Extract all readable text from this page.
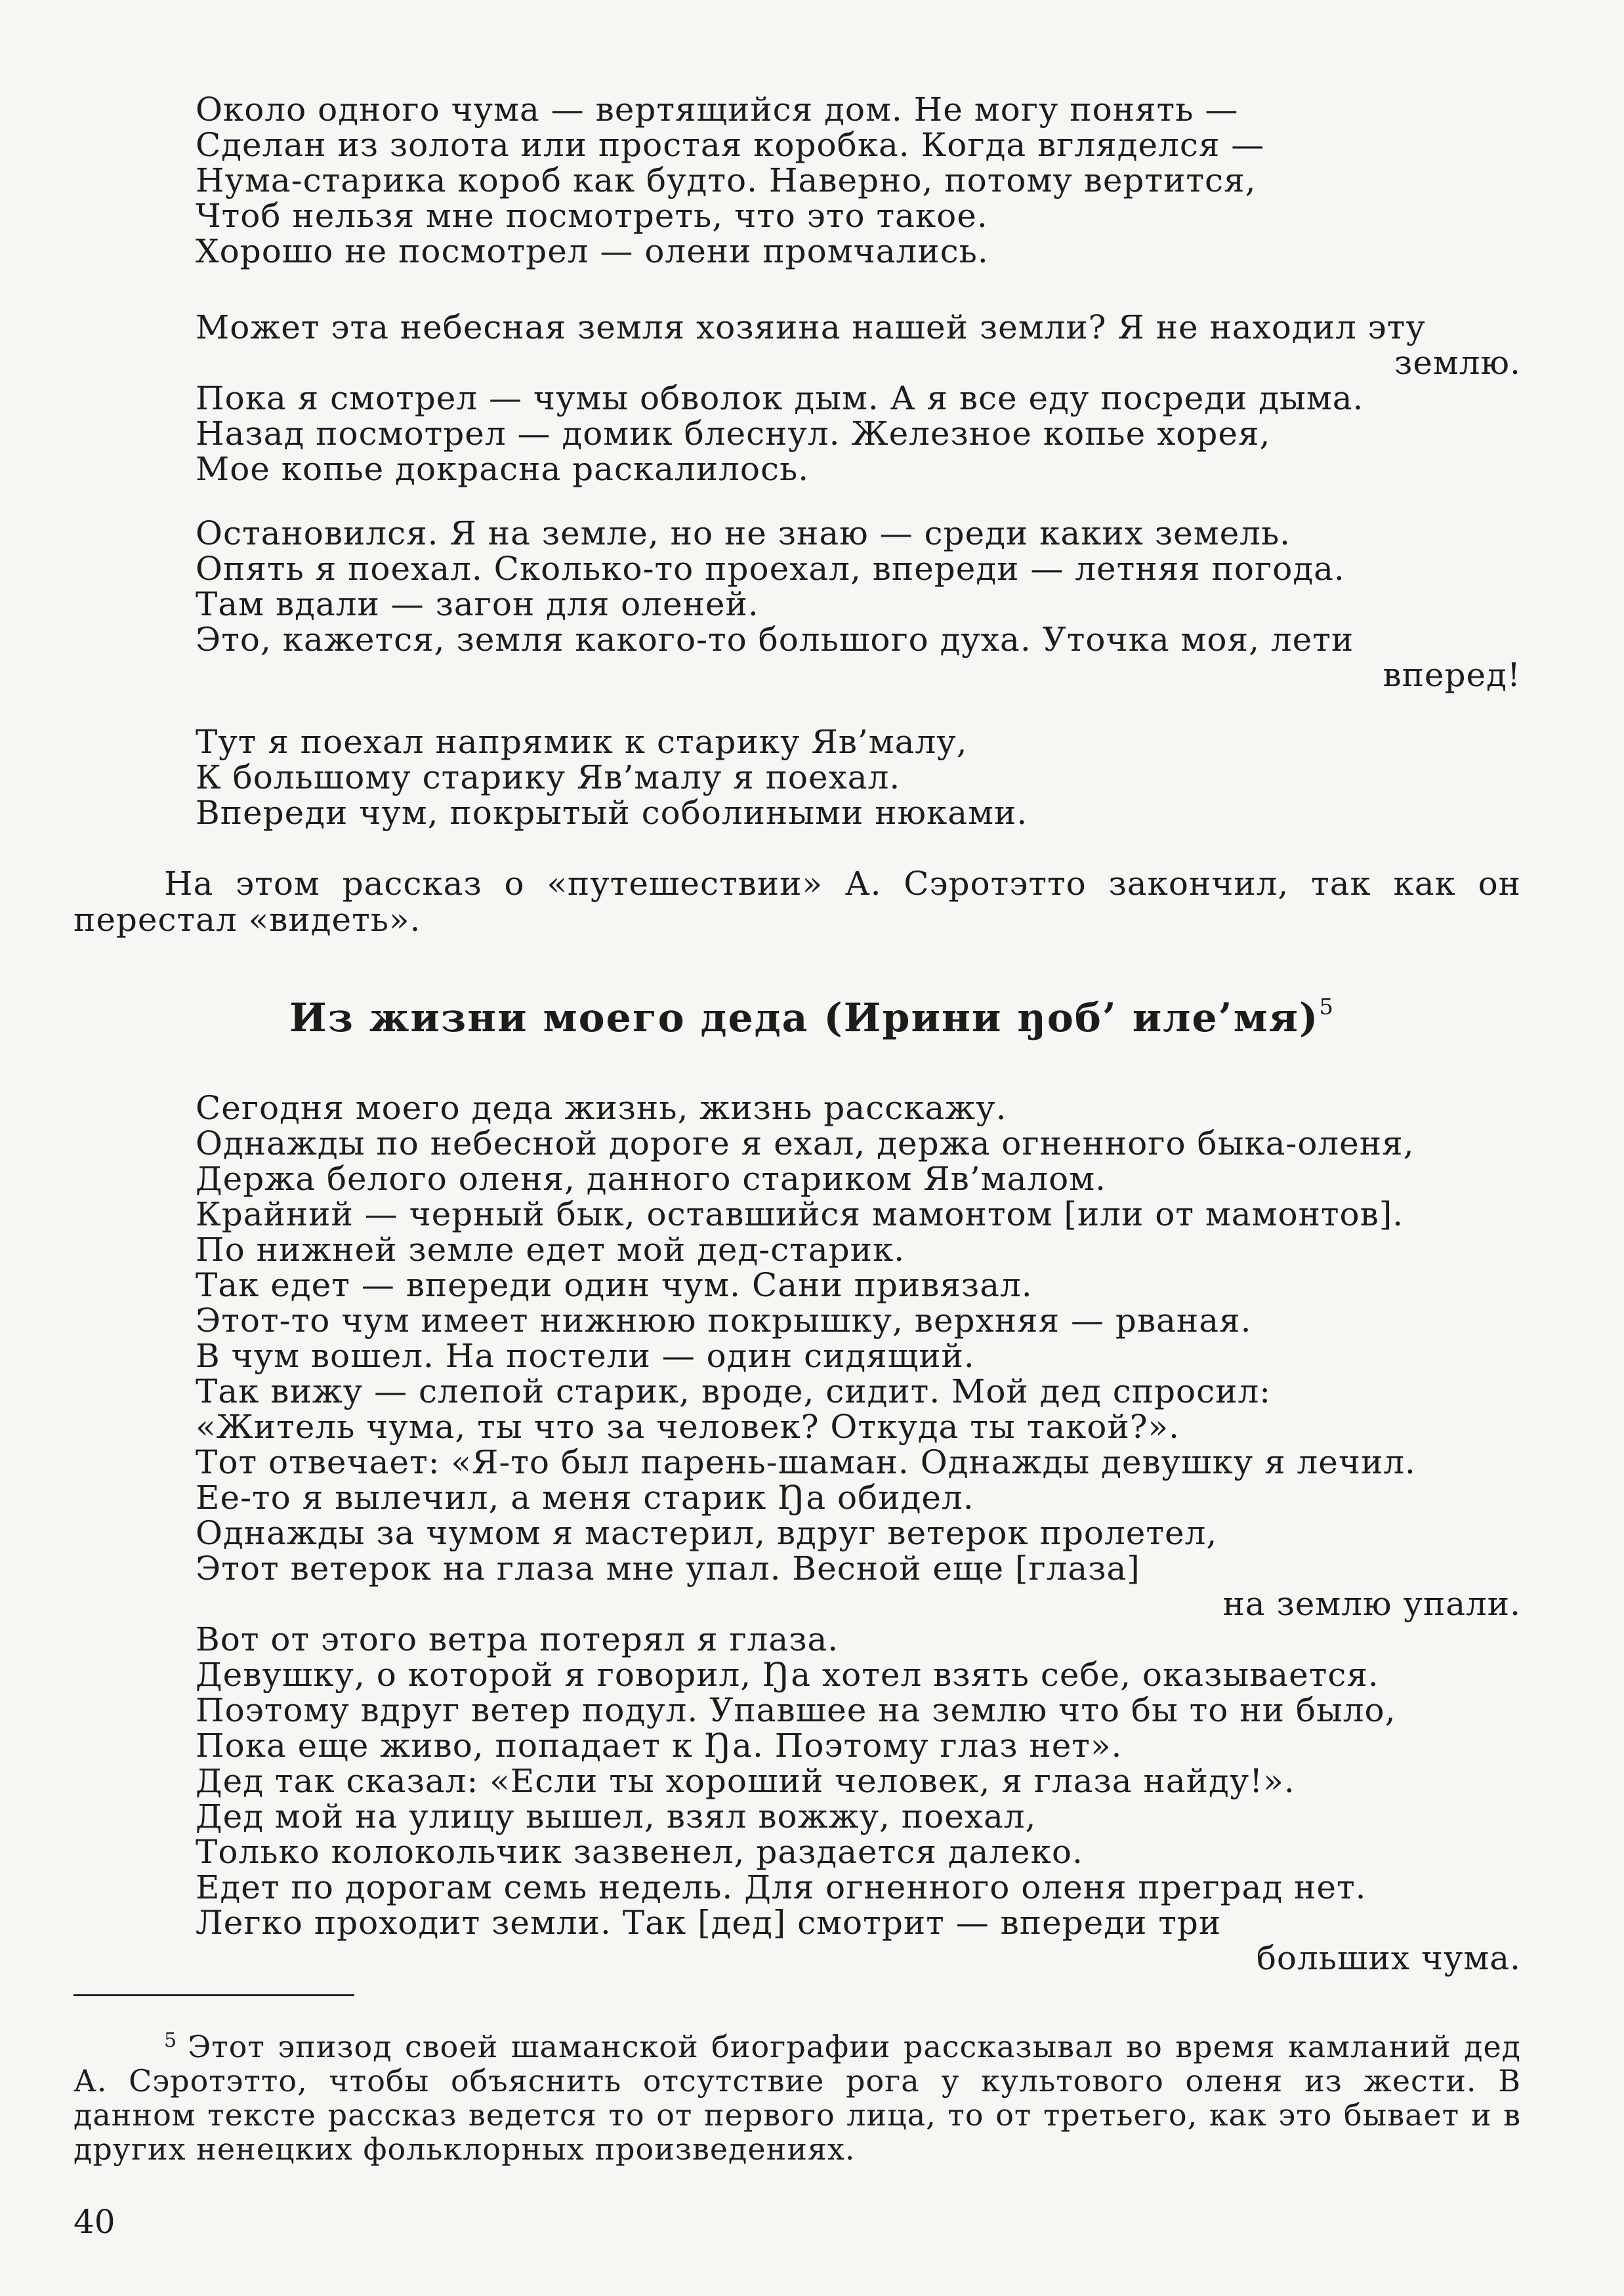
Около одного чума — вертящийся дом. Не могу понять —
Сделан из золота или простая коробка. Когда вгляделся —
Нума-старика короб как будто. Наверно, потому вертится,
Чтоб нельзя мне посмотреть, что это такое.
Хорошо не посмотрел — олени промчались.
Может эта небесная земля хозяина нашей земли? Я не находил эту
землю.
Пока я смотрел — чумы обволок дым. А я все еду посреди дыма.
Назад посмотрел — домик блеснул. Железное копье хорея,
Мое копье докрасна раскалилось.
Остановился. Я на земле, но не знаю — среди каких земель.
Опять я поехал. Сколько-то проехал, впереди — летняя погода.
Там вдали — загон для оленей.
Это, кажется, земля какого-то большого духа. Уточка моя, лети
вперед!
Тут я поехал напрямик к старику Яв’малу,
К большому старику Яв’малу я поехал.
Впереди чум, покрытый соболиными нюками.
На этом рассказ о «путешествии» А. Сэротэтто закончил, так как он перестал «видеть».
Из жизни моего деда (Ирини ŋоб’ иле’мя)$^5$
Сегодня моего деда жизнь, жизнь расскажу.
Однажды по небесной дороге я ехал, держа огненного быка-оленя,
Держа белого оленя, данного стариком Яв’малом.
Крайний — черный бык, оставшийся мамонтом [или от мамонтов].
По нижней земле едет мой дед-старик.
Так едет — впереди один чум. Сани привязал.
Этот-то чум имеет нижнюю покрышку, верхняя — рваная.
В чум вошел. На постели — один сидящий.
Так вижу — слепой старик, вроде, сидит. Мой дед спросил:
«Житель чума, ты что за человек? Откуда ты такой?».
Тот отвечает: «Я-то был парень-шаман. Однажды девушку я лечил.
Ее-то я вылечил, а меня старик Ŋа обидел.
Однажды за чумом я мастерил, вдруг ветерок пролетел,
Этот ветерок на глаза мне упал. Весной еще [глаза]
на землю упали.
Вот от этого ветра потерял я глаза.
Девушку, о которой я говорил, Ŋа хотел взять себе, оказывается.
Поэтому вдруг ветер подул. Упавшее на землю что бы то ни было,
Пока еще живо, попадает к Ŋа. Поэтому глаз нет».
Дед так сказал: «Если ты хороший человек, я глаза найду!».
Дед мой на улицу вышел, взял вожжу, поехал,
Только колокольчик зазвенел, раздается далеко.
Едет по дорогам семь недель. Для огненного оленя преград нет.
Легко проходит земли. Так [дед] смотрит — впереди три
больших чума.
$^5$ Этот эпизод своей шаманской биографии рассказывал во время камланий дед А. Сэротэтто, чтобы объяснить отсутствие рога у культового оленя из жести. В данном тексте рассказ ведется то от первого лица, то от третьего, как это бывает и в других ненецких фольклорных произведениях.
40
